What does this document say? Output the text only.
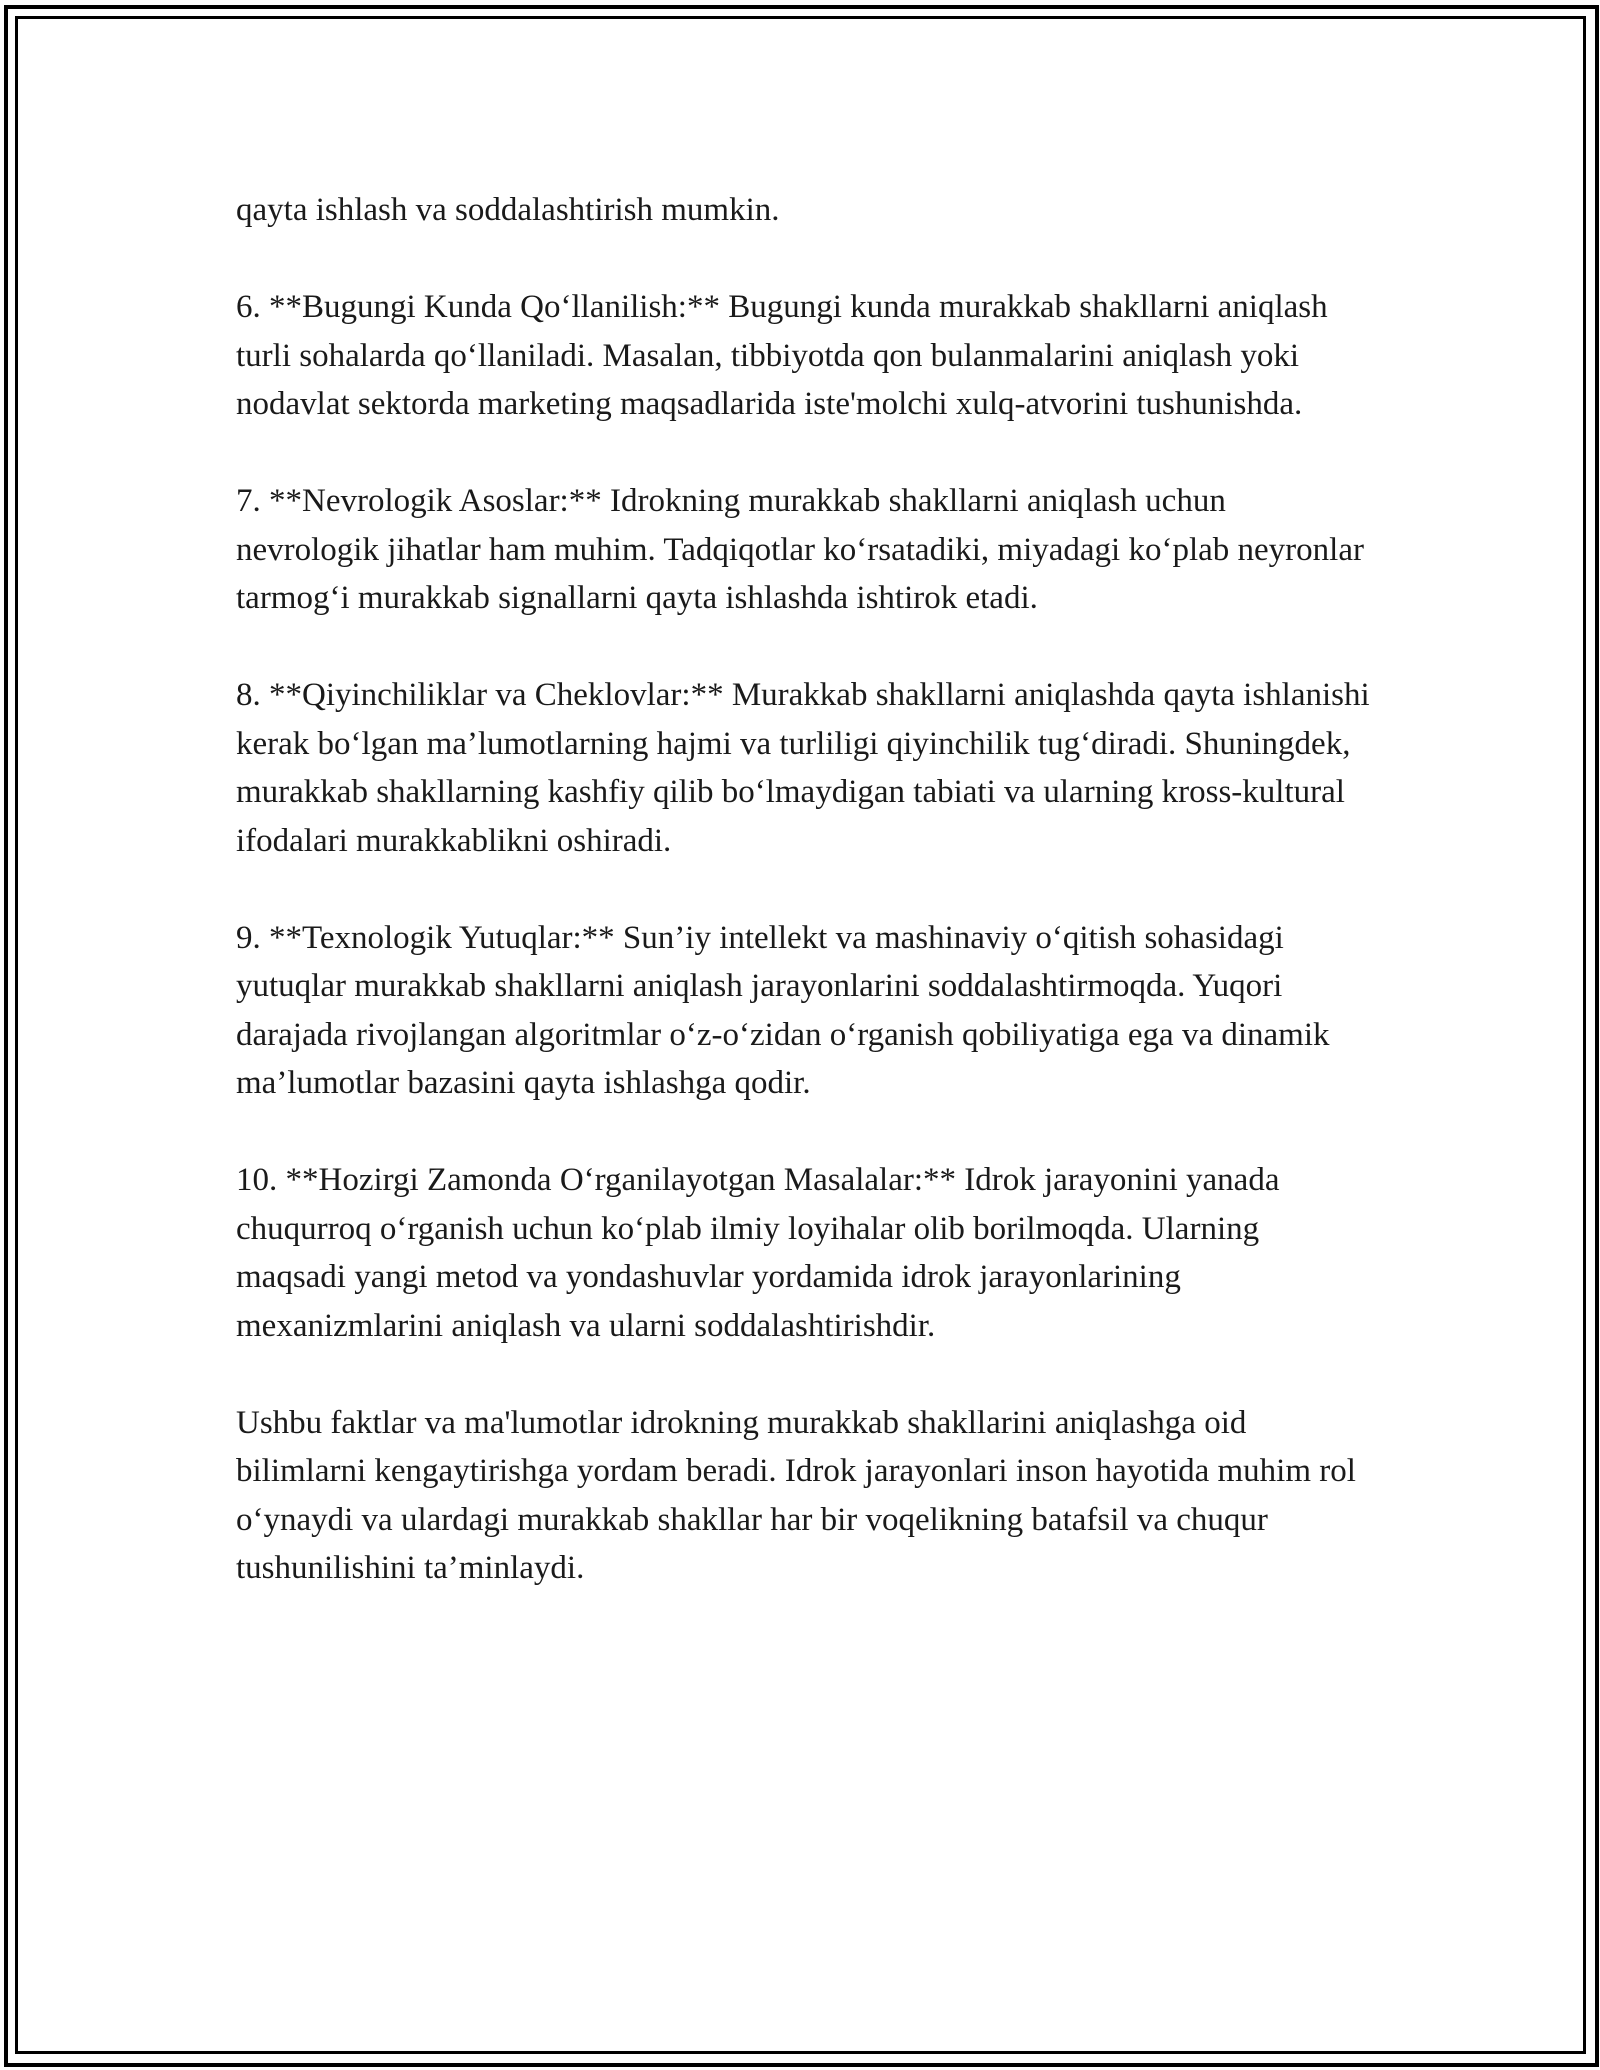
qayta ishlash va soddalashtirish mumkin.

6. **Bugungi Kunda Qo‘llanilish:** Bugungi kunda murakkab shakllarni aniqlash turli sohalarda qo‘llaniladi. Masalan, tibbiyotda qon bulanmalarini aniqlash yoki nodavlat sektorda marketing maqsadlarida iste'molchi xulq-atvorini tushunishda.

7. **Nevrologik Asoslar:** Idrokning murakkab shakllarni aniqlash uchun nevrologik jihatlar ham muhim. Tadqiqotlar ko‘rsatadiki, miyadagi ko‘plab neyronlar tarmog‘i murakkab signallarni qayta ishlashda ishtirok etadi.

8. **Qiyinchiliklar va Cheklovlar:** Murakkab shakllarni aniqlashda qayta ishlanishi kerak bo‘lgan ma’lumotlarning hajmi va turliligi qiyinchilik tug‘diradi. Shuningdek, murakkab shakllarning kashfiy qilib bo‘lmaydigan tabiati va ularning kross-kultural ifodalari murakkablikni oshiradi.

9. **Texnologik Yutuqlar:** Sun’iy intellekt va mashinaviy o‘qitish sohasidagi yutuqlar murakkab shakllarni aniqlash jarayonlarini soddalashtirmoqda. Yuqori darajada rivojlangan algoritmlar o‘z-o‘zidan o‘rganish qobiliyatiga ega va dinamik ma’lumotlar bazasini qayta ishlashga qodir.

10. **Hozirgi Zamonda O‘rganilayotgan Masalalar:** Idrok jarayonini yanada chuqurroq o‘rganish uchun ko‘plab ilmiy loyihalar olib borilmoqda. Ularning maqsadi yangi metod va yondashuvlar yordamida idrok jarayonlarining mexanizmlarini aniqlash va ularni soddalashtirishdir.

Ushbu faktlar va ma'lumotlar idrokning murakkab shakllarini aniqlashga oid bilimlarni kengaytirishga yordam beradi. Idrok jarayonlari inson hayotida muhim rol o‘ynaydi va ulardagi murakkab shakllar har bir voqelikning batafsil va chuqur tushunilishini ta’minlaydi.
